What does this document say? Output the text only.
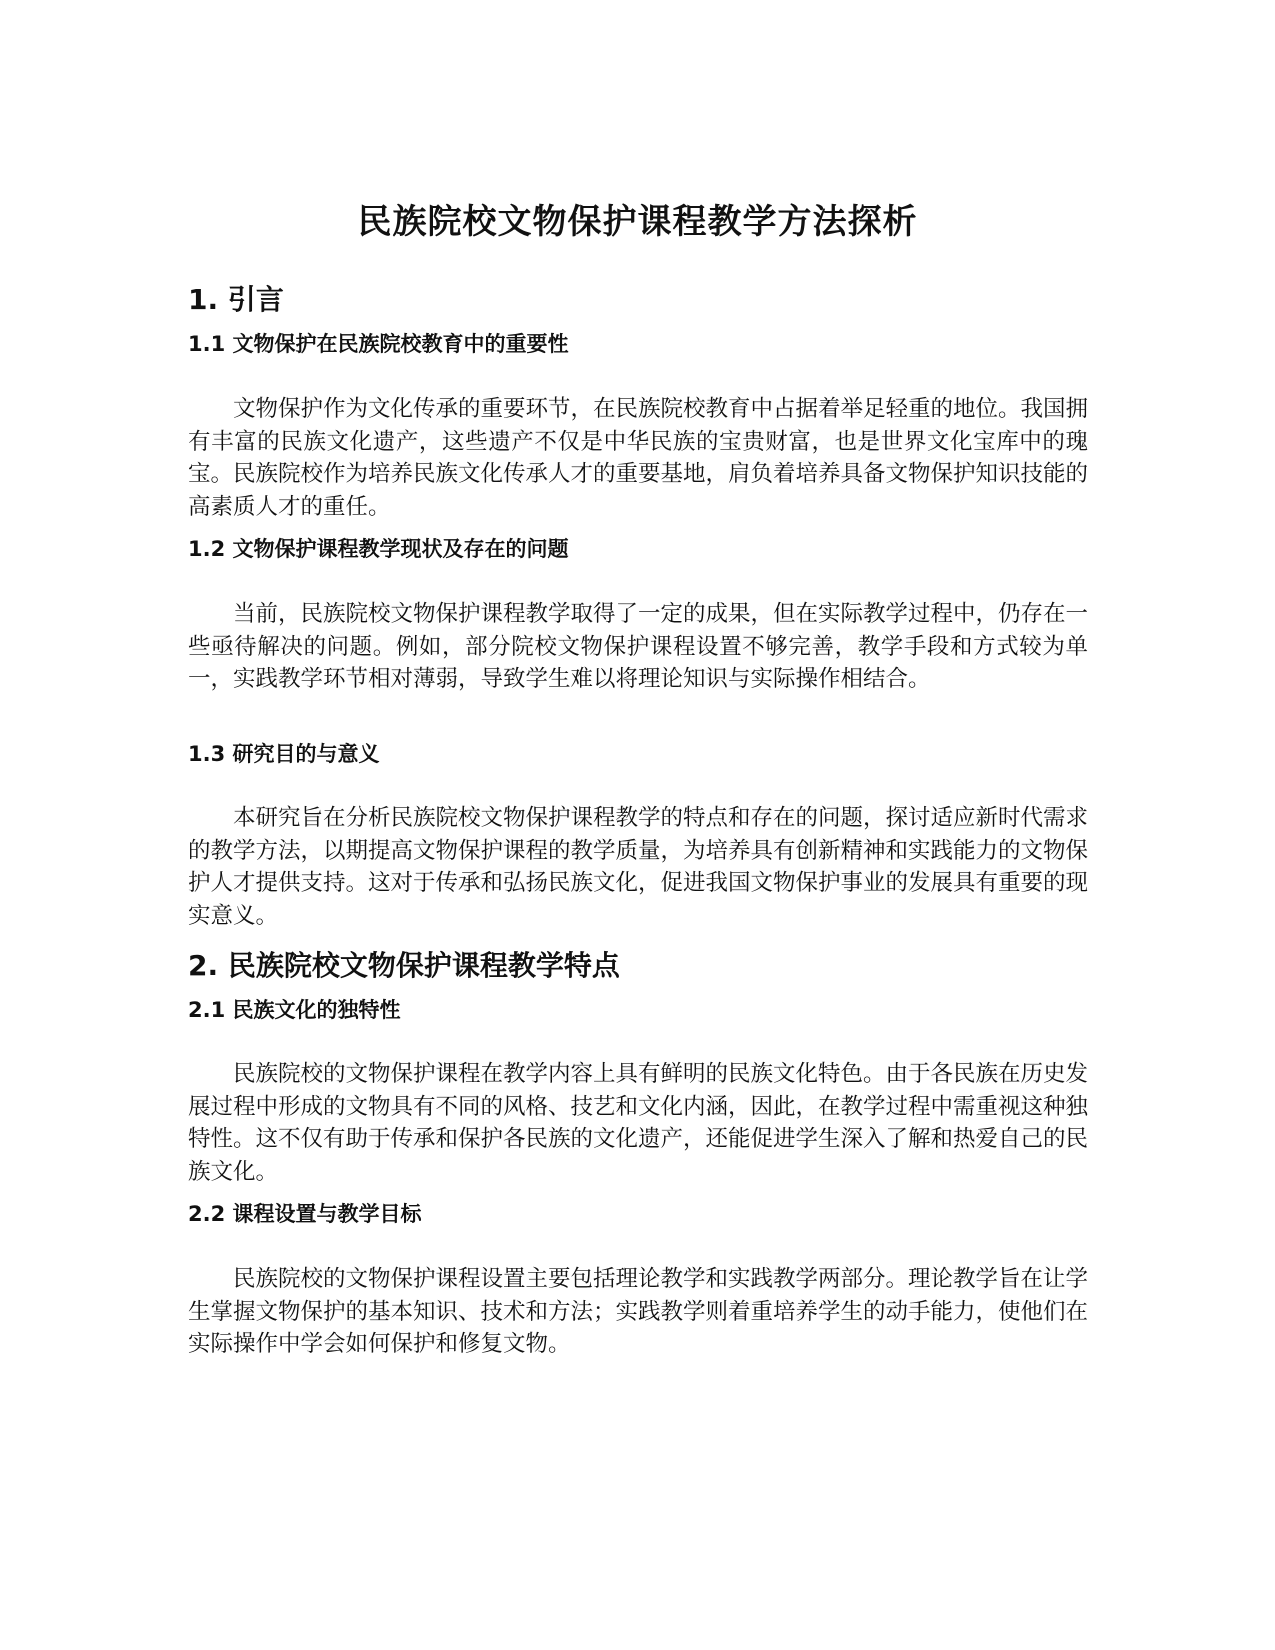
民族院校文物保护课程教学方法探析
1. 引言
1.1 文物保护在民族院校教育中的重要性

文物保护作为文化传承的重要环节，在民族院校教育中占据着举足轻重的地位。我国拥有丰富的民族文化遗产，这些遗产不仅是中华民族的宝贵财富，也是世界文化宝库中的瑰宝。民族院校作为培养民族文化传承人才的重要基地，肩负着培养具备文物保护知识技能的高素质人才的重任。

1.2 文物保护课程教学现状及存在的问题

当前，民族院校文物保护课程教学取得了一定的成果，但在实际教学过程中，仍存在一些亟待解决的问题。例如，部分院校文物保护课程设置不够完善，教学手段和方式较为单一，实践教学环节相对薄弱，导致学生难以将理论知识与实际操作相结合。

1.3 研究目的与意义

本研究旨在分析民族院校文物保护课程教学的特点和存在的问题，探讨适应新时代需求的教学方法，以期提高文物保护课程的教学质量，为培养具有创新精神和实践能力的文物保护人才提供支持。这对于传承和弘扬民族文化，促进我国文物保护事业的发展具有重要的现实意义。

2. 民族院校文物保护课程教学特点
2.1 民族文化的独特性

民族院校的文物保护课程在教学内容上具有鲜明的民族文化特色。由于各民族在历史发展过程中形成的文物具有不同的风格、技艺和文化内涵，因此，在教学过程中需重视这种独特性。这不仅有助于传承和保护各民族的文化遗产，还能促进学生深入了解和热爱自己的民族文化。

2.2 课程设置与教学目标

民族院校的文物保护课程设置主要包括理论教学和实践教学两部分。理论教学旨在让学生掌握文物保护的基本知识、技术和方法；实践教学则着重培养学生的动手能力，使他们在实际操作中学会如何保护和修复文物。
